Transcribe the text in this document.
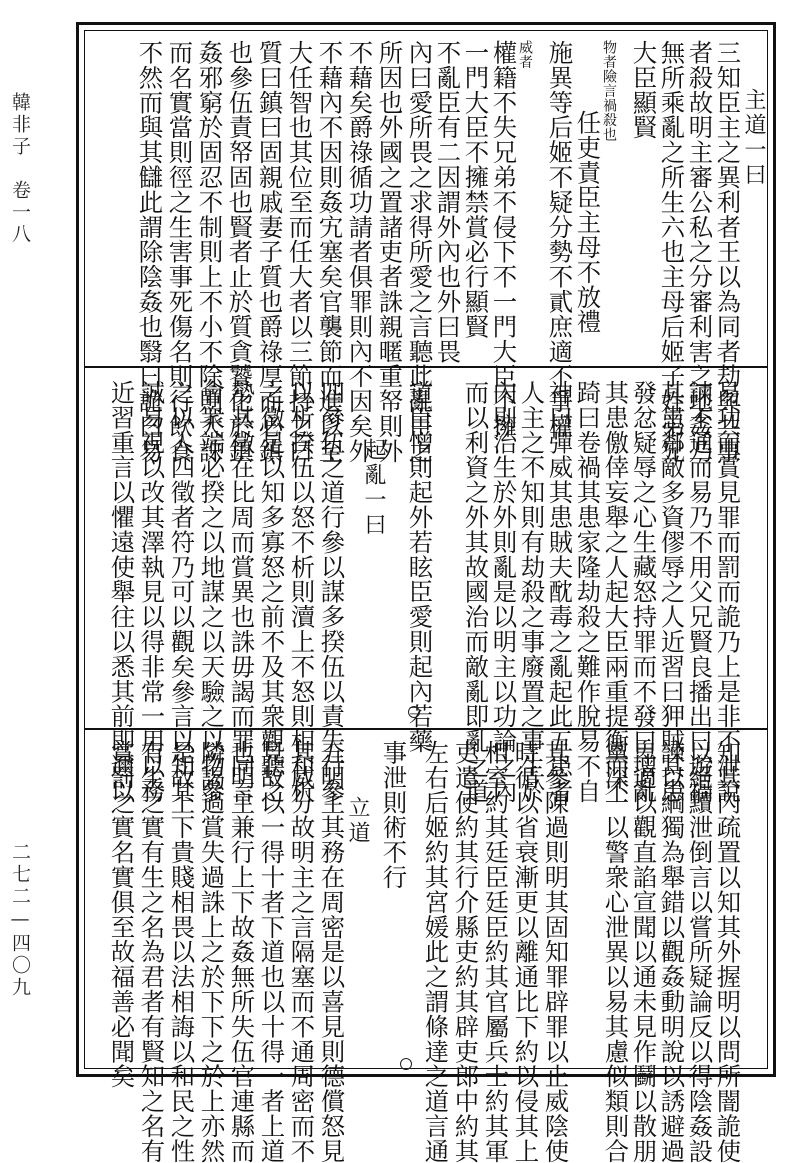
韓非子　卷一八
二七二—四〇九
主道一曰
三知臣主之異利者王以為同者劫與共事
者殺故明主審公私之分審利害之地姦乃
無所乘亂之所生六也主母后姬子姓弟兄
大臣顯賢
物者險言禍殺也
任吏責臣主母不放禮
施異等后姬不疑分勢不貳庶適不爭權
威者
權籍不失兄弟不侵下不一門大臣不擁
一門大臣不擁禁賞必行顯賢
不亂臣有二因謂外內也外曰畏
內曰愛所畏之求得所愛之言聽此亂臣之
所因也外國之置諸吏者誅親暱重帑則外
不藉矣爵祿循功請者俱罪則內不因矣外
不藉內不因則姦宄塞矣官襲節而進以至
大任智也其位至而任大者以三節持之曰
質曰鎮曰固親戚妻子質也爵祿厚而必鎮
也參伍責帑固也賢者止於質貪饕化於鎮
姦邪窮於固忍不制則上不小不除則大誅
而名實當則徑之生害事死傷名則行飲食
不然而與其讎此謂除陰姦也翳曰詭曰易
易功而賞見罪而罰而詭乃上是非不泄說
諫不通而易乃不用父兄賢良播出曰遊禍
其患鄰敵多資僇辱之人近習曰狎賊其患
發忿疑辱之心生藏怒持罪而不發曰增亂
其患儌倖妄舉之人起大臣兩重提衡而不
踦曰卷禍其患家隆劫殺之難作脫易不自
神曰彈威其患賊夫酖毒之亂起此五患者
人主之不知則有劫殺之事廢置之事生於
內則治生於外則亂是以明主以功論之內
而以利資之外其故國治而敵亂即亂之道
道臣憎則起外若眩臣愛則起內若藥
起亂一曰
四參伍之道行參以謀多揆伍以責失行參
以析揆伍以怒不析則瀆上不怒則相和析
之徵足以知多寡怒之前不及其衆觀聽之
勢其徵在比周而賞異也誅毋謁而罪同言
會衆端必揆之以地謀之以天驗之以物參
之以人四徵者符乃可以觀矣參言以知其
誠易視以改其澤執見以得非常一用以務
近習重言以懼遠使舉往以悉其前即邇以
知其內疏置以知其外握明以問所闇詭使
以絕黷泄倒言以嘗所疑論反以得陰姦設
諫以綱獨為舉錯以觀姦動明說以誘避過
卑適以觀直諂宣聞以通未見作鬬以散朋
黨深一以警衆心泄異以易其慮似類則合
其參陳過則明其固知罪辟罪以止威陰使
時循以省衰漸更以離通比下約以侵其上
相室約其廷臣廷臣約其官屬兵士約其軍
吏遣使約其行介縣吏約其辟吏郎中約其
左右后姬約其宮媛此之謂條達之道言通
事泄則術不行
立道
五明主其務在周密是以喜見則德償怒見
其威分故明主之言隔塞而不通周密而不
見故以一得十者下道也以十得一者上道
也明主兼行上下故姦無所失伍官連縣而
隣謁過賞失過誅上之於下下之於上亦然
是故上下貴賤相畏以法相誨以和民之性
有生之實有生之名為君者有賢知之名有
賞罰之實名實俱至故福善必聞矣
